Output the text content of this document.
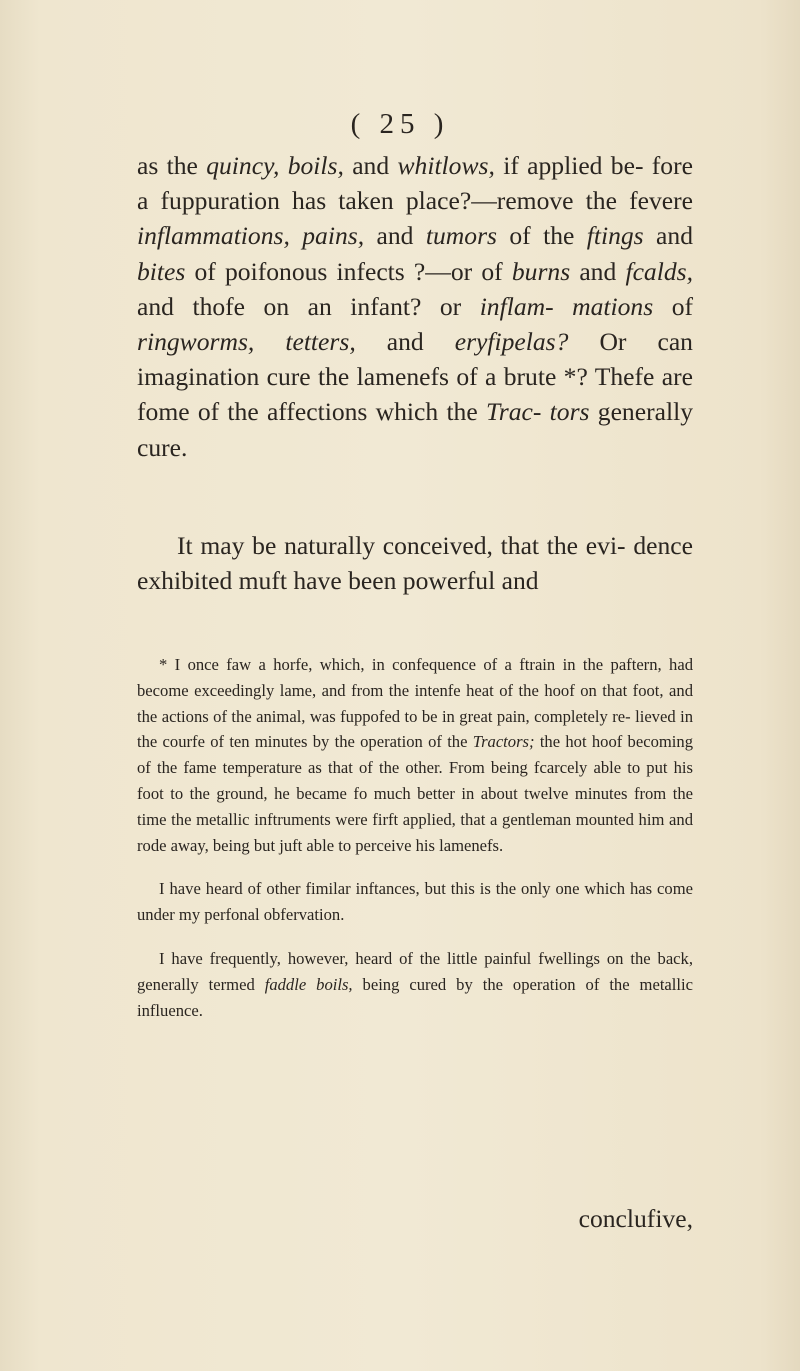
( 25 )

as the quincy, boils, and whitlows, if applied be- fore a fuppuration has taken place?—remove the fevere inflammations, pains, and tumors of the ftings and bites of poifonous infects ?—or of burns and fcalds, and thofe on an infant? or inflam- mations of ringworms, tetters, and eryfipelas? Or can imagination cure the lamenefs of a brute *? Thefe are fome of the affections which the Trac- tors generally cure.

It may be naturally conceived, that the evi- dence exhibited muft have been powerful and

* I once faw a horfe, which, in confequence of a ftrain in the paftern, had become exceedingly lame, and from the intenfe heat of the hoof on that foot, and the actions of the animal, was fuppofed to be in great pain, completely re- lieved in the courfe of ten minutes by the operation of the Tractors; the hot hoof becoming of the fame temperature as that of the other. From being fcarcely able to put his foot to the ground, he became fo much better in about twelve minutes from the time the metallic inftruments were firft applied, that a gentleman mounted him and rode away, being but juft able to perceive his lamenefs.

I have heard of other fimilar inftances, but this is the only one which has come under my perfonal obfervation.

I have frequently, however, heard of the little painful fwellings on the back, generally termed faddle boils, being cured by the operation of the metallic influence.

conclufive,
